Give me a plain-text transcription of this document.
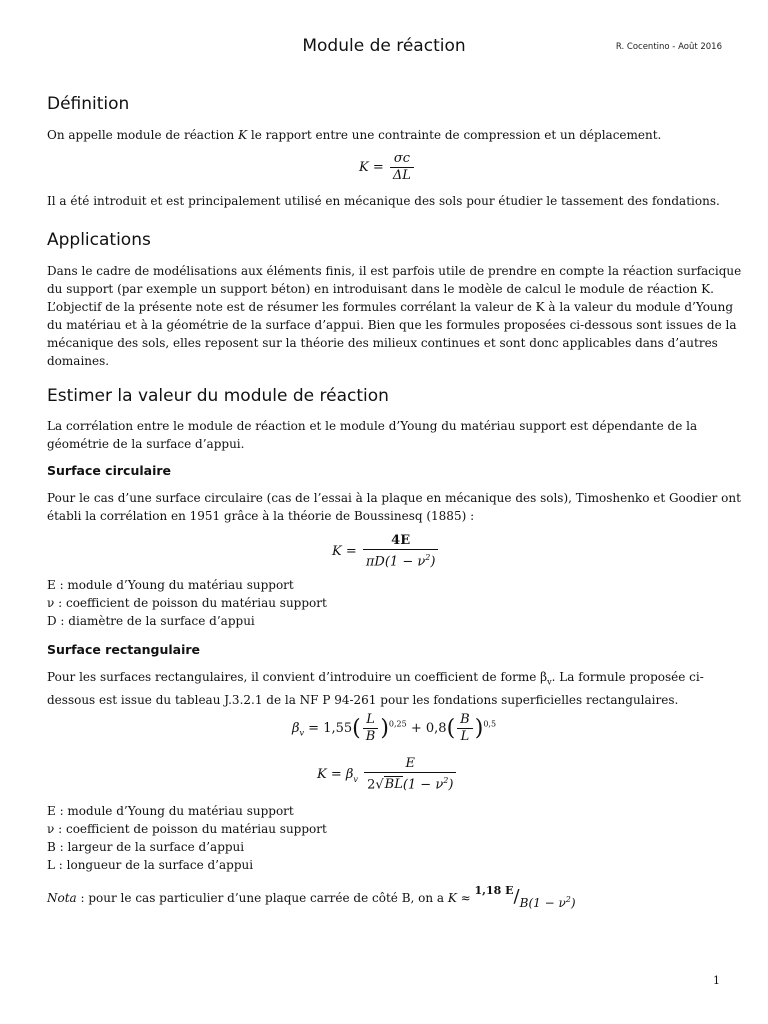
Module de réaction	R. Cocentino - Août 2016
Définition
On appelle module de réaction K le rapport entre une contrainte de compression et un déplacement.
$K = \frac{\sigma c}{\Delta L}$
Il a été introduit et est principalement utilisé en mécanique des sols pour étudier le tassement des fondations.
Applications
Dans le cadre de modélisations aux éléments finis, il est parfois utile de prendre en compte la réaction surfacique
du support (par exemple un support béton) en introduisant dans le modèle de calcul le module de réaction K.
L’objectif de la présente note est de résumer les formules corrélant la valeur de K à la valeur du module d’Young
du matériau et à la géométrie de la surface d’appui. Bien que les formules proposées ci-dessous sont issues de la
mécanique des sols, elles reposent sur la théorie des milieux continues et sont donc applicables dans d’autres
domaines.
Estimer la valeur du module de réaction
La corrélation entre le module de réaction et le module d’Young du matériau support est dépendante de la
géométrie de la surface d’appui.
Surface circulaire
Pour le cas d’une surface circulaire (cas de l’essai à la plaque en mécanique des sols), Timoshenko et Goodier ont
établi la corrélation en 1951 grâce à la théorie de Boussinesq (1885) :
$K = \frac{4E}{\pi D(1 - \nu^2)}$
E : module d’Young du matériau support
ν : coefficient de poisson du matériau support
D : diamètre de la surface d’appui
Surface rectangulaire
Pour les surfaces rectangulaires, il convient d’introduire un coefficient de forme $\beta_v$. La formule proposée ci-
dessous est issue du tableau J.3.2.1 de la NF P 94-261 pour les fondations superficielles rectangulaires.
$\beta_v = 1,55( \frac{L}{B} )^{0,25} + 0,8( \frac{B}{L} )^{0,5}$
$K = \beta_v \frac{E}{2√BL(1 - \nu^2)}$
E : module d’Young du matériau support
ν : coefficient de poisson du matériau support
B : largeur de la surface d’appui
L : longueur de la surface d’appui
Nota : pour le cas particulier d’une plaque carrée de côté B, on a K ≈ 1,18 $E/B(1 - \nu^2)$
1
